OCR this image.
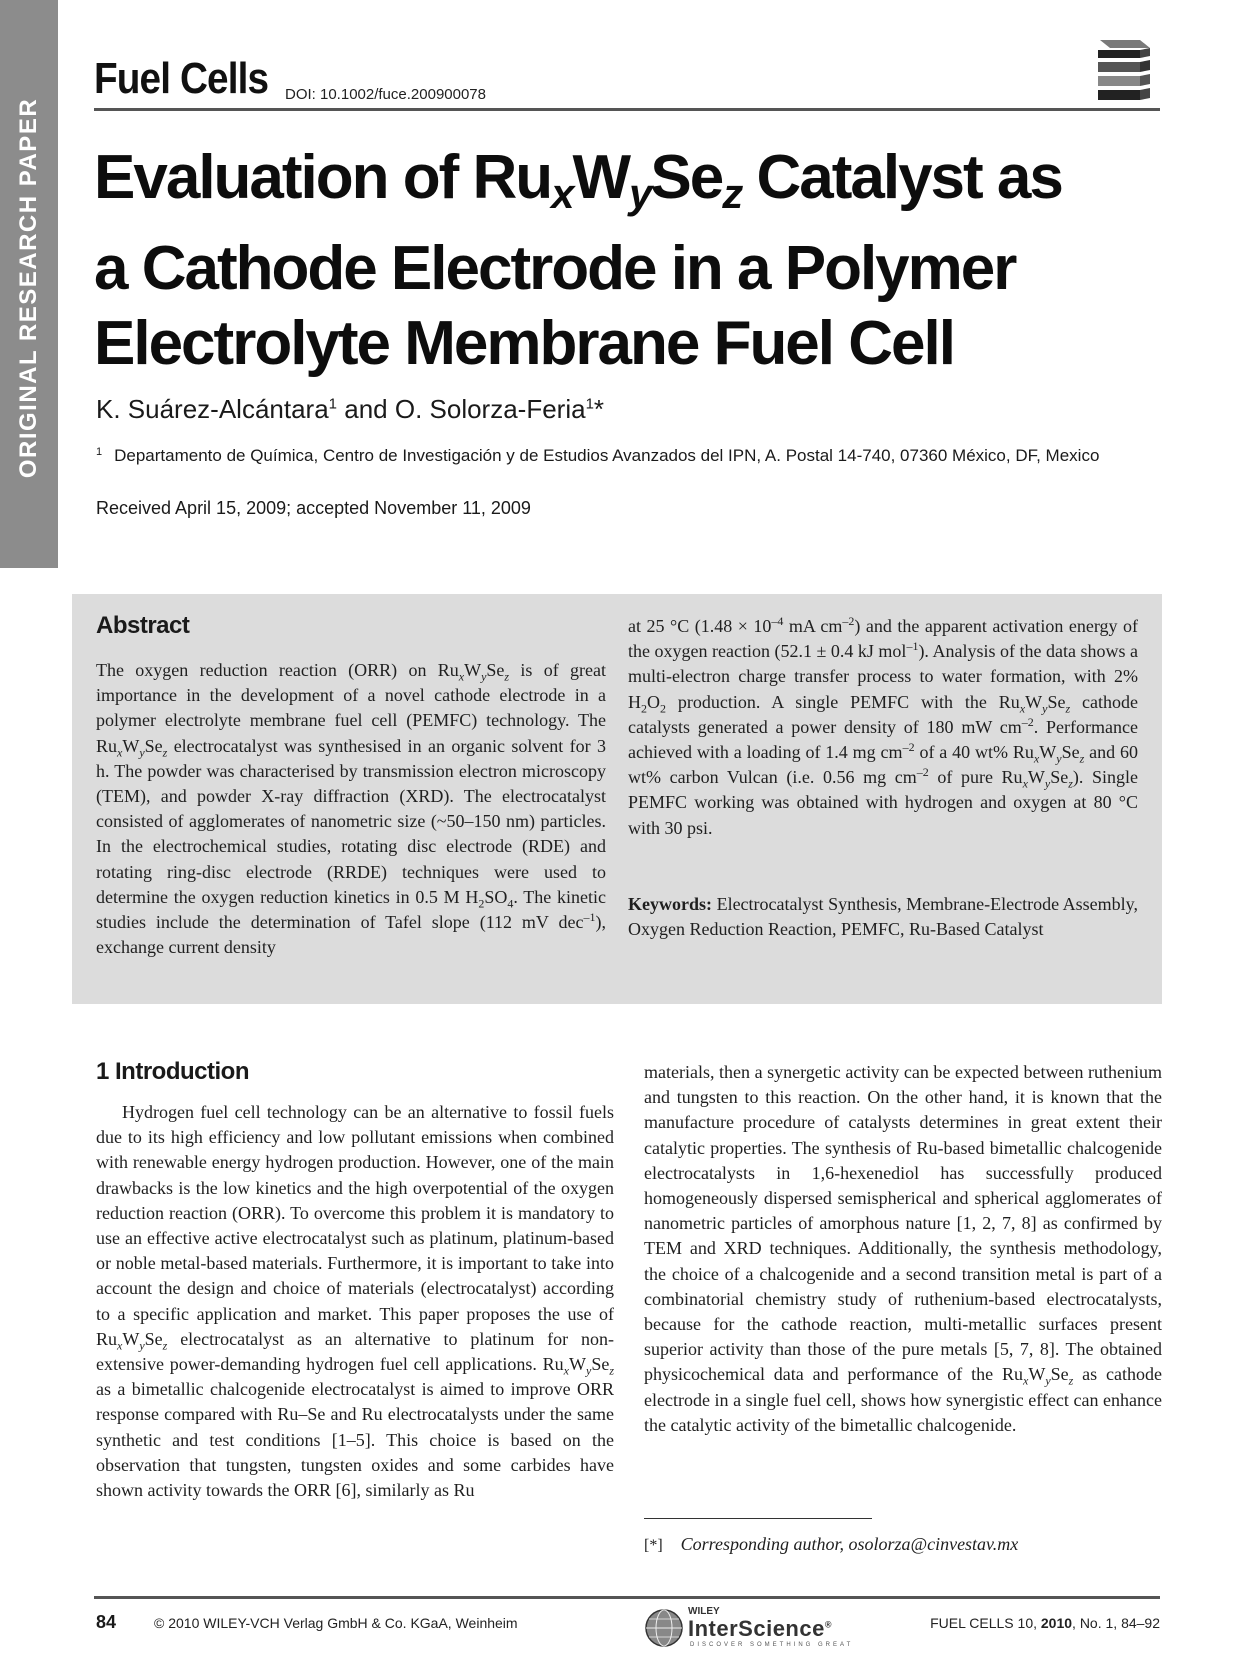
ORIGINAL RESEARCH PAPER
Fuel Cells DOI: 10.1002/fuce.200900078
Evaluation of RuxWySez Catalyst as a Cathode Electrode in a Polymer Electrolyte Membrane Fuel Cell
K. Suárez-Alcántara$^1$ and O. Solorza-Feria$^1$*
$^1$ Departamento de Química, Centro de Investigación y de Estudios Avanzados del IPN, A. Postal 14-740, 07360 México, DF, Mexico
Received April 15, 2009; accepted November 11, 2009
Abstract
The oxygen reduction reaction (ORR) on $Ru_xW_ySe_z$ is of great importance in the development of a novel cathode electrode in a polymer electrolyte membrane fuel cell (PEMFC) technology. The $Ru_xW_ySe_z$ electrocatalyst was synthesised in an organic solvent for 3 h. The powder was characterised by transmission electron microscopy (TEM), and powder X-ray diffraction (XRD). The electrocatalyst consisted of agglomerates of nanometric size (~50–150 nm) particles. In the electrochemical studies, rotating disc electrode (RDE) and rotating ring-disc electrode (RRDE) techniques were used to determine the oxygen reduction kinetics in 0.5 M $H_2SO_4$. The kinetic studies include the determination of Tafel slope (112 mV dec$^{-1}$), exchange current density
at 25 °C ($1.48 \times 10^{-4}$ mA $cm^{-2}$) and the apparent activation energy of the oxygen reaction (52.1 ± 0.4 kJ mol$^{-1}$). Analysis of the data shows a multi-electron charge transfer process to water formation, with 2% $H_2O_2$ production. A single PEMFC with the $Ru_xW_ySe_z$ cathode catalysts generated a power density of 180 mW $cm^{-2}$. Performance achieved with a loading of 1.4 mg $cm^{-2}$ of a 40 wt% $Ru_xW_ySe_z$ and 60 wt% carbon Vulcan (i.e. 0.56 mg $cm^{-2}$ of pure $Ru_xW_ySe_z$). Single PEMFC working was obtained with hydrogen and oxygen at 80 °C with 30 psi.
Keywords: Electrocatalyst Synthesis, Membrane-Electrode Assembly, Oxygen Reduction Reaction, PEMFC, Ru-Based Catalyst
1 Introduction

Hydrogen fuel cell technology can be an alternative to fossil fuels due to its high efficiency and low pollutant emissions when combined with renewable energy hydrogen production. However, one of the main drawbacks is the low kinetics and the high overpotential of the oxygen reduction reaction (ORR). To overcome this problem it is mandatory to use an effective active electrocatalyst such as platinum, platinum-based or noble metal-based materials. Furthermore, it is important to take into account the design and choice of materials (electrocatalyst) according to a specific application and market. This paper proposes the use of $Ru_xW_ySe_z$ electrocatalyst as an alternative to platinum for non-extensive power-demanding hydrogen fuel cell applications. $Ru_xW_ySe_z$ as a bimetallic chalcogenide electrocatalyst is aimed to improve ORR response compared with Ru–Se and Ru electrocatalysts under the same synthetic and test conditions [1–5]. This choice is based on the observation that tungsten, tungsten oxides and some carbides have shown activity towards the ORR [6], similarly as Ru

materials, then a synergetic activity can be expected between ruthenium and tungsten to this reaction. On the other hand, it is known that the manufacture procedure of catalysts determines in great extent their catalytic properties. The synthesis of Ru-based bimetallic chalcogenide electrocatalysts in 1,6-hexenediol has successfully produced homogeneously dispersed semispherical and spherical agglomerates of nanometric particles of amorphous nature [1, 2, 7, 8] as confirmed by TEM and XRD techniques. Additionally, the synthesis methodology, the choice of a chalcogenide and a second transition metal is part of a combinatorial chemistry study of ruthenium-based electrocatalysts, because for the cathode reaction, multi-metallic surfaces present superior activity than those of the pure metals [5, 7, 8]. The obtained physicochemical data and performance of the $Ru_xW_ySe_z$ as cathode electrode in a single fuel cell, shows how synergistic effect can enhance the catalytic activity of the bimetallic chalcogenide.

[*] Corresponding author, osolorza@cinvestav.mx
84	© 2010 WILEY-VCH Verlag GmbH & Co. KGaA, Weinheim
WILEY
InterScience®
DISCOVER SOMETHING GREAT
FUEL CELLS 10, 2010, No. 1, 84–92
